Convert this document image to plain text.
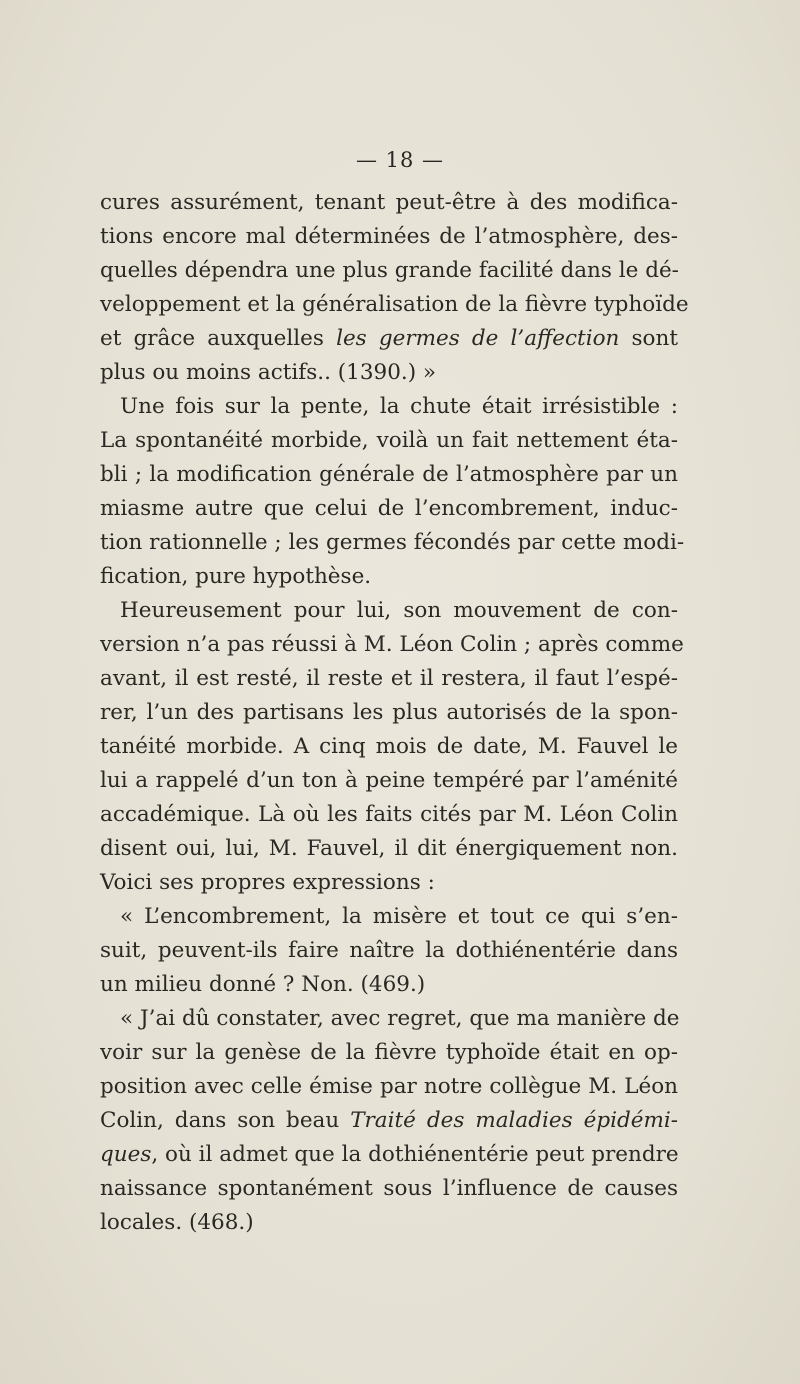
— 18 —
cures assurément, tenant peut-être à des modifica-
tions encore mal déterminées de l’atmosphère, des-
quelles dépendra une plus grande facilité dans le dé-
veloppement et la généralisation de la fièvre typhoïde
et grâce auxquelles les germes de l’affection sont
plus ou moins actifs.. (1390.) »
Une fois sur la pente, la chute était irrésistible :
La spontanéité morbide, voilà un fait nettement éta-
bli ; la modification générale de l’atmosphère par un
miasme autre que celui de l’encombrement, induc-
tion rationnelle ; les germes fécondés par cette modi-
fication, pure hypothèse.
Heureusement pour lui, son mouvement de con-
version n’a pas réussi à M. Léon Colin ; après comme
avant, il est resté, il reste et il restera, il faut l’espé-
rer, l’un des partisans les plus autorisés de la spon-
tanéité morbide. A cinq mois de date, M. Fauvel le
lui a rappelé d’un ton à peine tempéré par l’aménité
accadémique. Là où les faits cités par M. Léon Colin
disent oui, lui, M. Fauvel, il dit énergiquement non.
Voici ses propres expressions :
« L’encombrement, la misère et tout ce qui s’en-
suit, peuvent-ils faire naître la dothiénentérie dans
un milieu donné ? Non. (469.)
« J’ai dû constater, avec regret, que ma manière de
voir sur la genèse de la fièvre typhoïde était en op-
position avec celle émise par notre collègue M. Léon
Colin, dans son beau Traité des maladies épidémi-
ques, où il admet que la dothiénentérie peut prendre
naissance spontanément sous l’influence de causes
locales. (468.)
